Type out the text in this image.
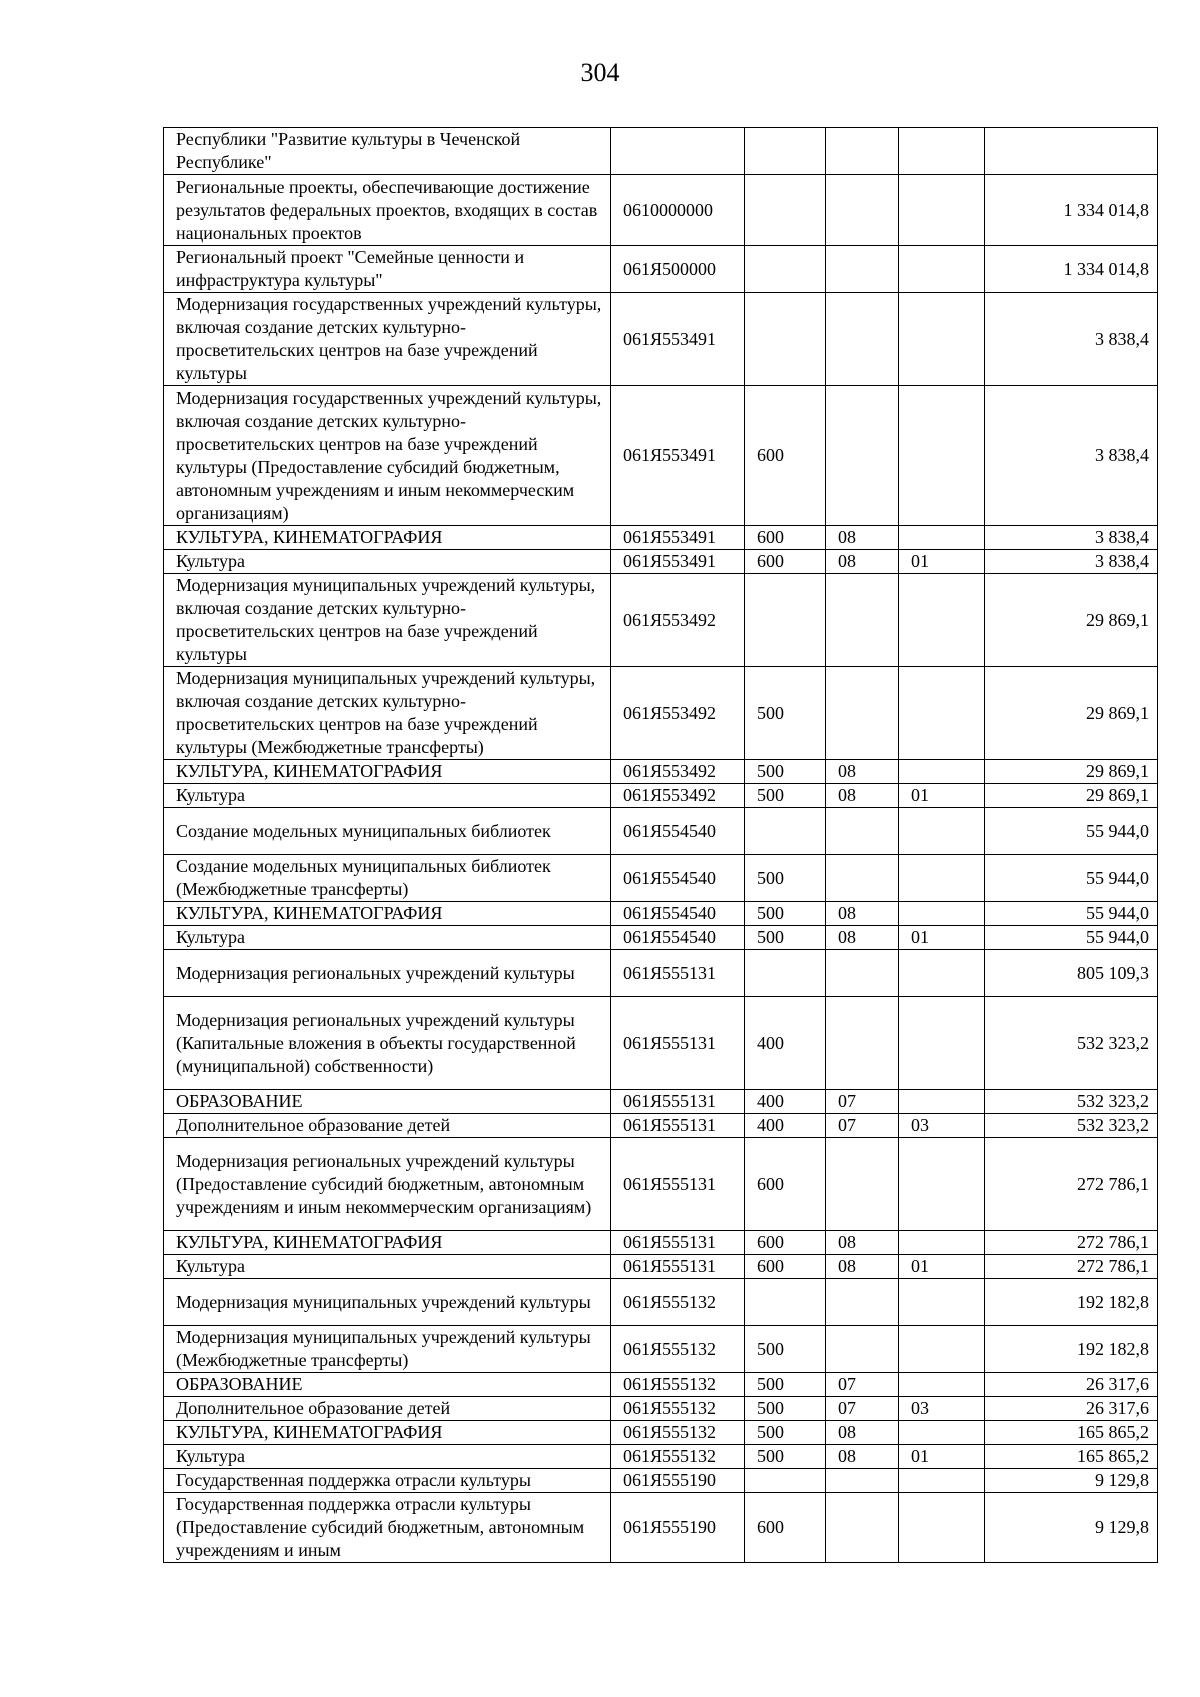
304
Республики "Развитие культуры в Чеченской Республике"					
Региональные проекты, обеспечивающие достижение результатов федеральных проектов, входящих в состав национальных проектов	0610000000				1 334 014,8
Региональный проект "Семейные ценности и инфраструктура культуры"	061Я500000				1 334 014,8
Модернизация государственных учреждений культуры, включая создание детских культурно-просветительских центров на базе учреждений культуры	061Я553491				3 838,4
Модернизация государственных учреждений культуры, включая создание детских культурно-просветительских центров на базе учреждений культуры (Предоставление субсидий бюджетным, автономным учреждениям и иным некоммерческим организациям)	061Я553491	600			3 838,4
КУЛЬТУРА, КИНЕМАТОГРАФИЯ	061Я553491	600	08		3 838,4
Культура	061Я553491	600	08	01	3 838,4
Модернизация муниципальных учреждений культуры, включая создание детских культурно-просветительских центров на базе учреждений культуры	061Я553492				29 869,1
Модернизация муниципальных учреждений культуры, включая создание детских культурно-просветительских центров на базе учреждений культуры (Межбюджетные трансферты)	061Я553492	500			29 869,1
КУЛЬТУРА, КИНЕМАТОГРАФИЯ	061Я553492	500	08		29 869,1
Культура	061Я553492	500	08	01	29 869,1
Создание модельных муниципальных библиотек	061Я554540				55 944,0
Создание модельных муниципальных библиотек (Межбюджетные трансферты)	061Я554540	500			55 944,0
КУЛЬТУРА, КИНЕМАТОГРАФИЯ	061Я554540	500	08		55 944,0
Культура	061Я554540	500	08	01	55 944,0
Модернизация региональных учреждений культуры	061Я555131				805 109,3
Модернизация региональных учреждений культуры (Капитальные вложения в объекты государственной (муниципальной) собственности)	061Я555131	400			532 323,2
ОБРАЗОВАНИЕ	061Я555131	400	07		532 323,2
Дополнительное образование детей	061Я555131	400	07	03	532 323,2
Модернизация региональных учреждений культуры (Предоставление субсидий бюджетным, автономным учреждениям и иным некоммерческим организациям)	061Я555131	600			272 786,1
КУЛЬТУРА, КИНЕМАТОГРАФИЯ	061Я555131	600	08		272 786,1
Культура	061Я555131	600	08	01	272 786,1
Модернизация муниципальных учреждений культуры	061Я555132				192 182,8
Модернизация муниципальных учреждений культуры (Межбюджетные трансферты)	061Я555132	500			192 182,8
ОБРАЗОВАНИЕ	061Я555132	500	07		26 317,6
Дополнительное образование детей	061Я555132	500	07	03	26 317,6
КУЛЬТУРА, КИНЕМАТОГРАФИЯ	061Я555132	500	08		165 865,2
Культура	061Я555132	500	08	01	165 865,2
Государственная поддержка отрасли культуры	061Я555190				9 129,8
Государственная поддержка отрасли культуры (Предоставление субсидий бюджетным, автономным учреждениям и иным	061Я555190	600			9 129,8
